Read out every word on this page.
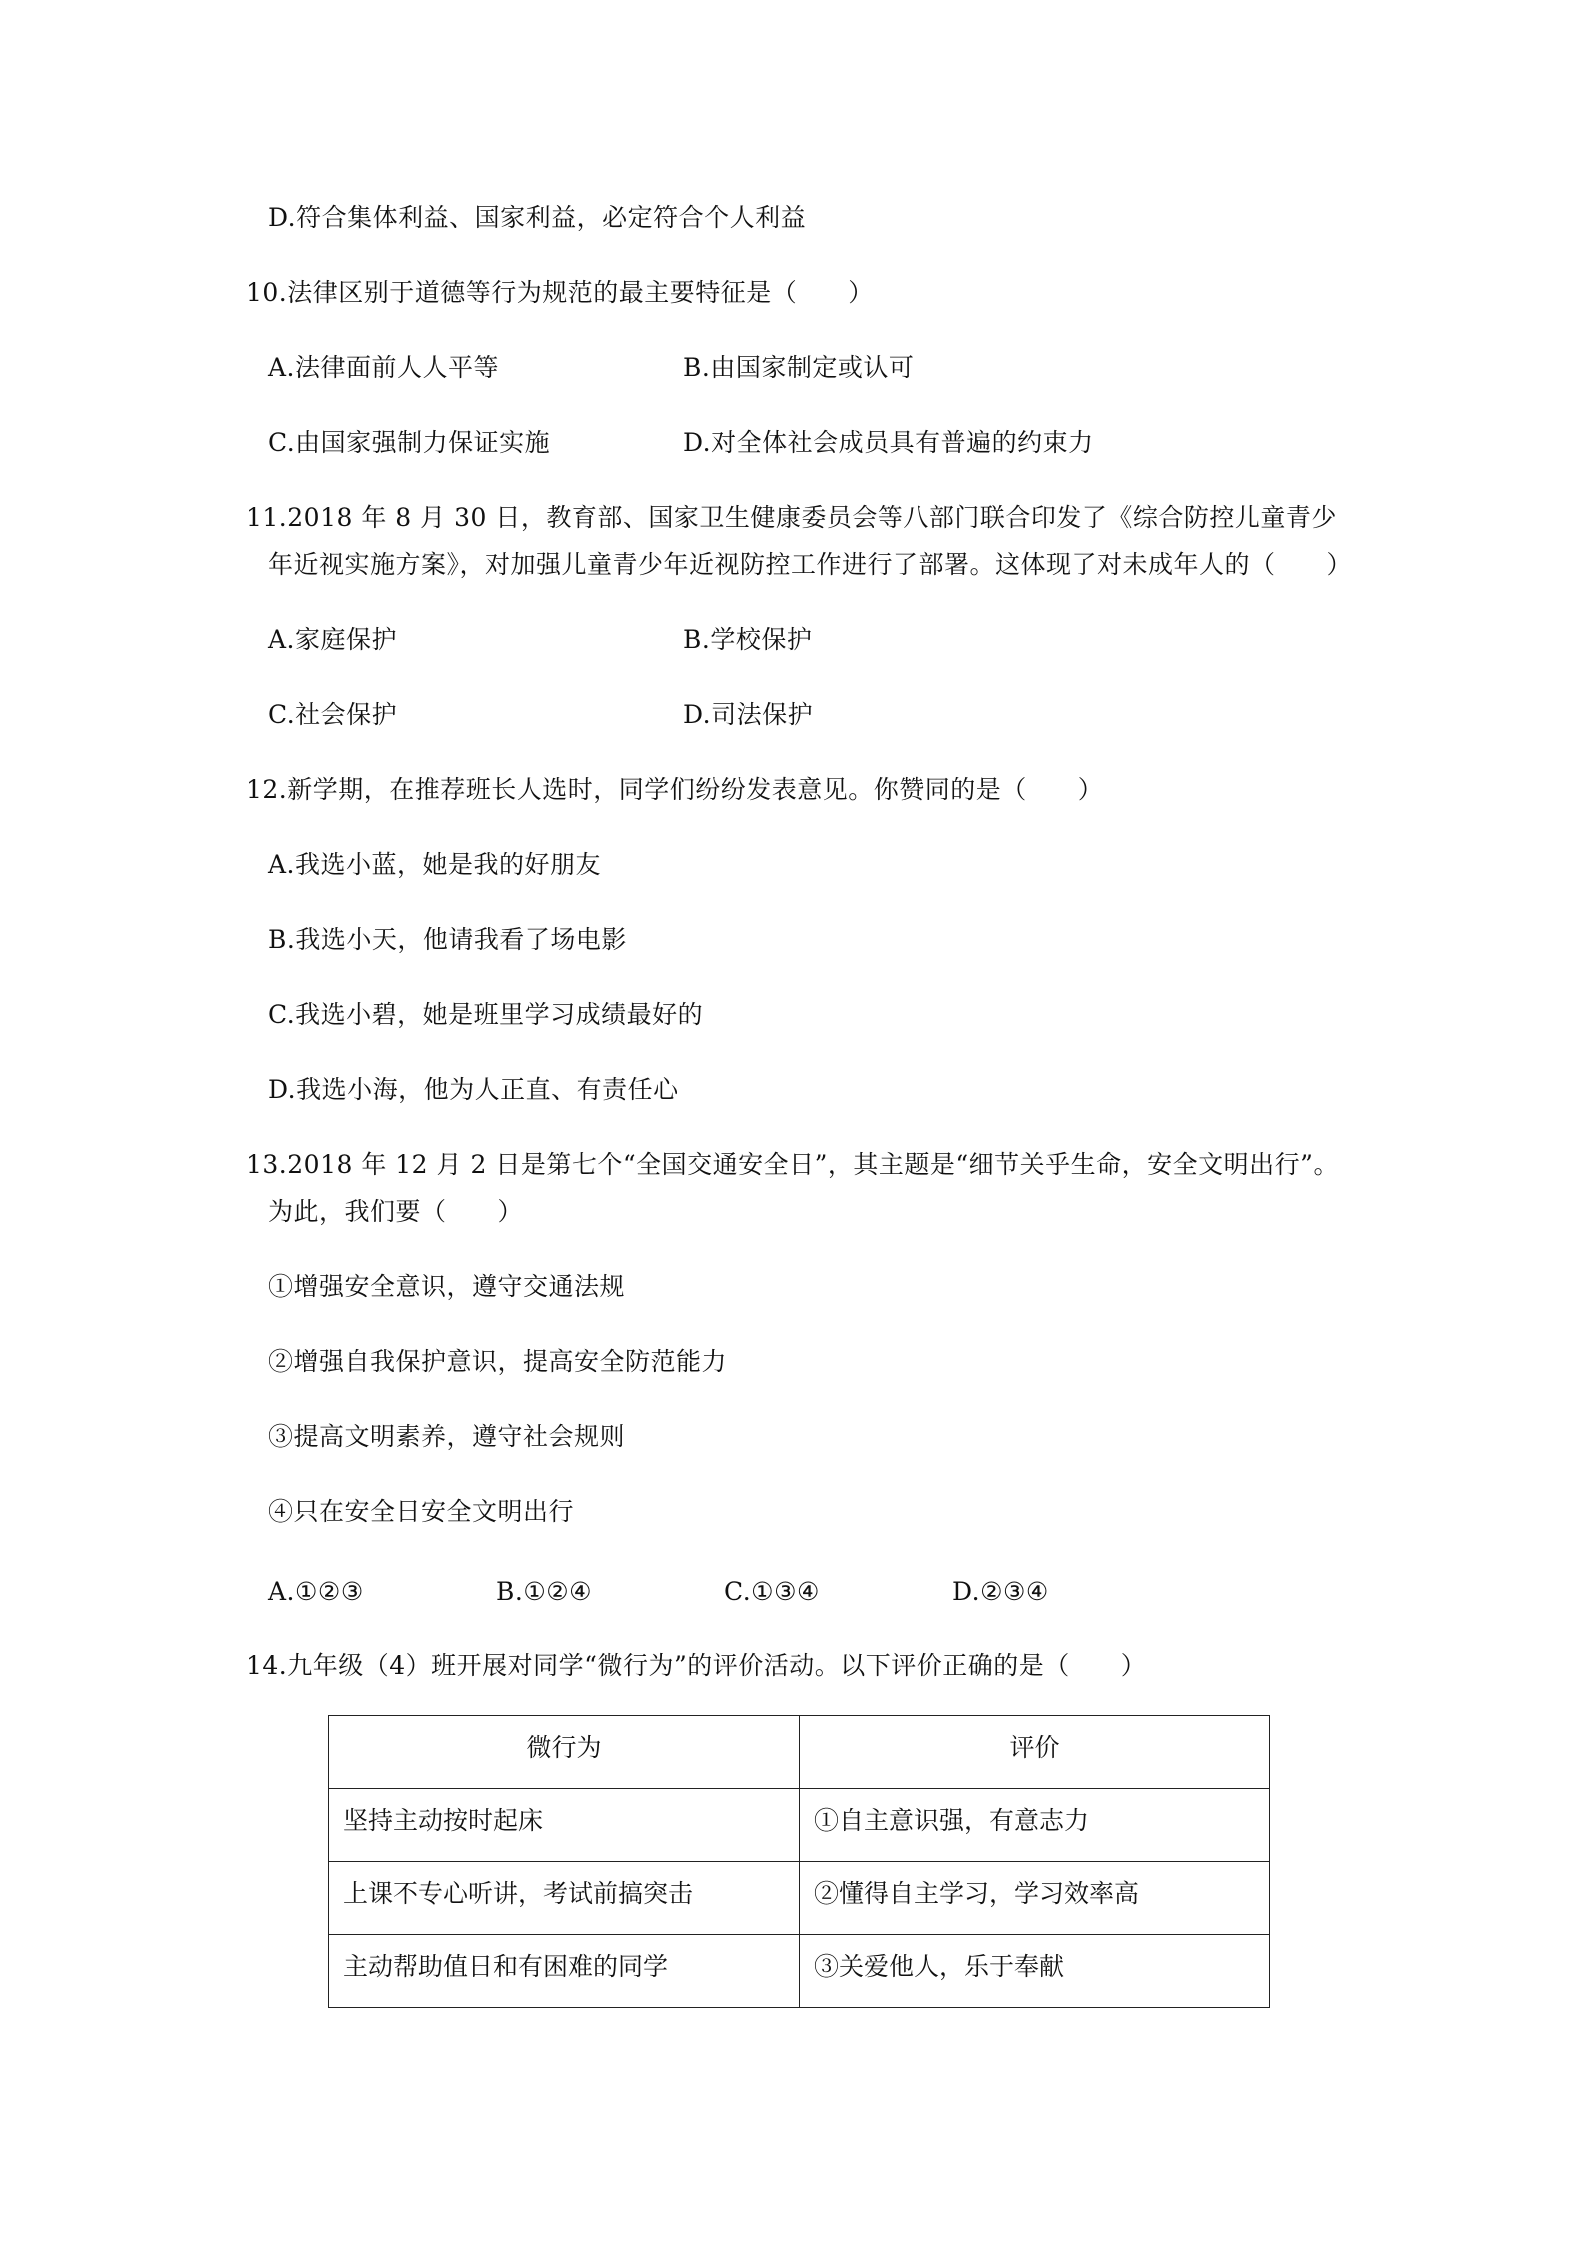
D.符合集体利益、国家利益，必定符合个人利益
10.法律区别于道德等行为规范的最主要特征是（　　）
A.法律面前人人平等	B.由国家制定或认可
C.由国家强制力保证实施	D.对全体社会成员具有普遍的约束力
11.2018 年 8 月 30 日，教育部、国家卫生健康委员会等八部门联合印发了《综合防控儿童青少
年近视实施方案》，对加强儿童青少年近视防控工作进行了部署。这体现了对未成年人的（　　）
A.家庭保护	B.学校保护
C.社会保护	D.司法保护
12.新学期，在推荐班长人选时，同学们纷纷发表意见。你赞同的是（　　）
A.我选小蓝，她是我的好朋友
B.我选小天，他请我看了场电影
C.我选小碧，她是班里学习成绩最好的
D.我选小海，他为人正直、有责任心
13.2018 年 12 月 2 日是第七个“全国交通安全日”，其主题是“细节关乎生命，安全文明出行”。
为此，我们要（　　）
①增强安全意识，遵守交通法规
②增强自我保护意识，提高安全防范能力
③提高文明素养，遵守社会规则
④只在安全日安全文明出行
A.①②③	B.①②④	C.①③④	D.②③④
14.九年级（4）班开展对同学“微行为”的评价活动。以下评价正确的是（　　）
微行为	评价
坚持主动按时起床	①自主意识强，有意志力
上课不专心听讲，考试前搞突击	②懂得自主学习，学习效率高
主动帮助值日和有困难的同学	③关爱他人，乐于奉献
